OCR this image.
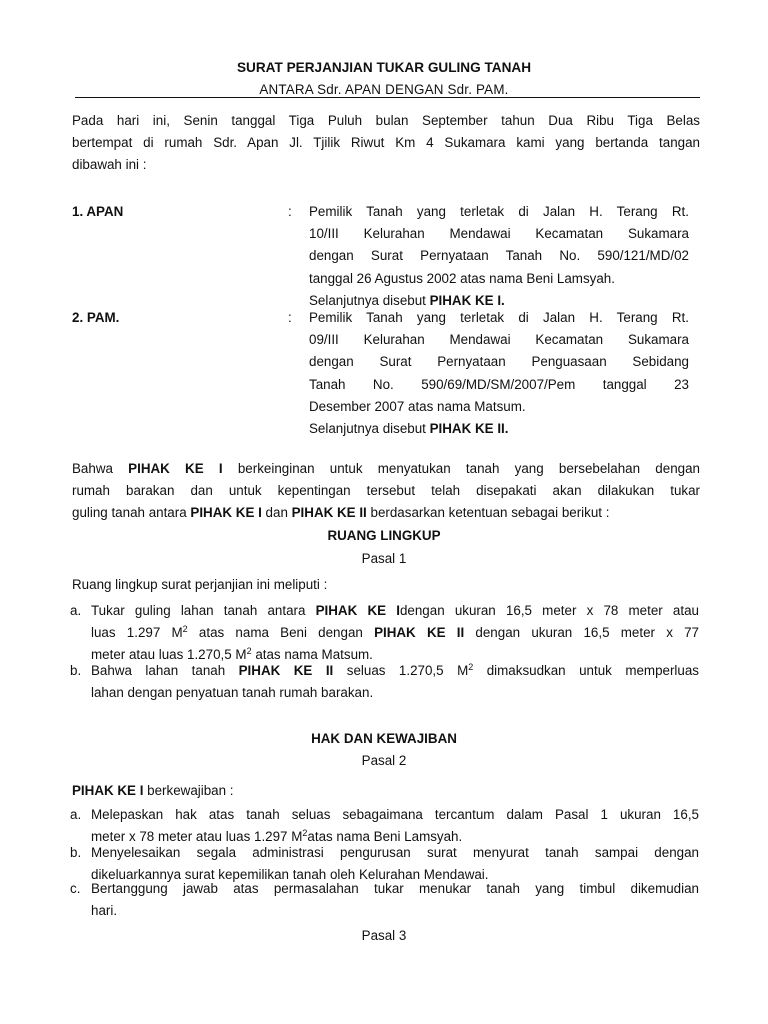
SURAT PERJANJIAN TUKAR GULING TANAH
ANTARA Sdr. APAN DENGAN Sdr. PAM.
Pada hari ini, Senin tanggal Tiga Puluh bulan September tahun Dua Ribu Tiga Belas
bertempat di rumah Sdr. Apan Jl. Tjilik Riwut Km 4 Sukamara kami yang bertanda tangan
dibawah ini :
1. APAN	: Pemilik Tanah yang terletak di Jalan H. Terang Rt.
10/III Kelurahan Mendawai Kecamatan Sukamara
dengan Surat Pernyataan Tanah No. 590/121/MD/02
tanggal 26 Agustus 2002 atas nama Beni Lamsyah.
Selanjutnya disebut PIHAK KE I.
2. PAM.	: Pemilik Tanah yang terletak di Jalan H. Terang Rt.
09/III Kelurahan Mendawai Kecamatan Sukamara
dengan Surat Pernyataan Penguasaan Sebidang
Tanah No. 590/69/MD/SM/2007/Pem tanggal 23
Desember 2007 atas nama Matsum.
Selanjutnya disebut PIHAK KE II.
Bahwa PIHAK KE I berkeinginan untuk menyatukan tanah yang bersebelahan dengan
rumah barakan dan untuk kepentingan tersebut telah disepakati akan dilakukan tukar
guling tanah antara PIHAK KE I dan PIHAK KE II berdasarkan ketentuan sebagai berikut :
RUANG LINGKUP
Pasal 1
Ruang lingkup surat perjanjian ini meliputi :
a. Tukar guling lahan tanah antara PIHAK KE Idengan ukuran 16,5 meter x 78 meter atau
luas 1.297 $M^2$ atas nama Beni dengan PIHAK KE II dengan ukuran 16,5 meter x 77
meter atau luas 1.270,5 $M^2$ atas nama Matsum.
b. Bahwa lahan tanah PIHAK KE II seluas 1.270,5 $M^2$ dimaksudkan untuk memperluas
lahan dengan penyatuan tanah rumah barakan.
HAK DAN KEWAJIBAN
Pasal 2
PIHAK KE I berkewajiban :
a. Melepaskan hak atas tanah seluas sebagaimana tercantum dalam Pasal 1 ukuran 16,5
meter x 78 meter atau luas 1.297 $M^2atas$ nama Beni Lamsyah.
b. Menyelesaikan segala administrasi pengurusan surat menyurat tanah sampai dengan
dikeluarkannya surat kepemilikan tanah oleh Kelurahan Mendawai.
c. Bertanggung jawab atas permasalahan tukar menukar tanah yang timbul dikemudian
hari.
Pasal 3
